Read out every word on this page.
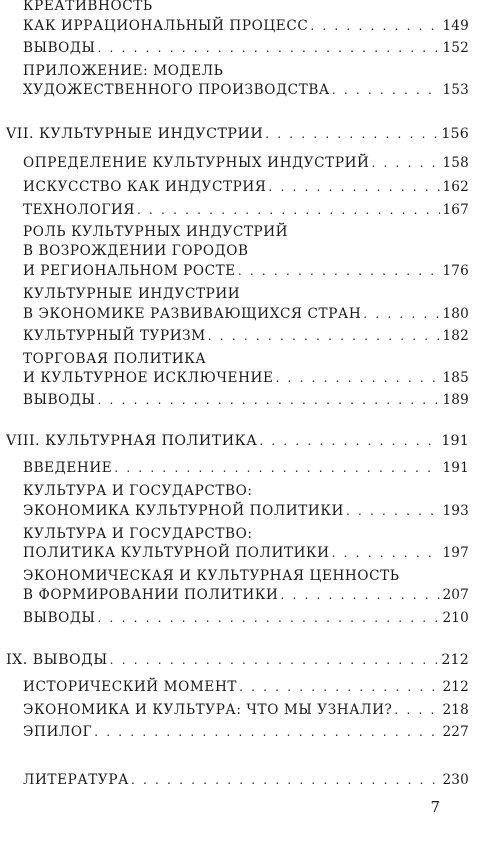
КРЕАТИВНОСТЬ
КАК ИРРАЦИОНАЛЬНЫЙ ПРОЦЕСС . . .	149
ВЫВОДЫ . . .	152
ПРИЛОЖЕНИЕ: МОДЕЛЬ
ХУДОЖЕСТВЕННОГО ПРОИЗВОДСТВА . . .	153
VII. КУЛЬТУРНЫЕ ИНДУСТРИИ . . .	156
ОПРЕДЕЛЕНИЕ КУЛЬТУРНЫХ ИНДУСТРИЙ . . .	158
ИСКУССТВО КАК ИНДУСТРИЯ . . .	162
ТЕХНОЛОГИЯ . . .	167
РОЛЬ КУЛЬТУРНЫХ ИНДУСТРИЙ
В ВОЗРОЖДЕНИИ ГОРОДОВ
И РЕГИОНАЛЬНОМ РОСТЕ . . .	176
КУЛЬТУРНЫЕ ИНДУСТРИИ
В ЭКОНОМИКЕ РАЗВИВАЮЩИХСЯ СТРАН . . .	180
КУЛЬТУРНЫЙ ТУРИЗМ . . .	182
ТОРГОВАЯ ПОЛИТИКА
И КУЛЬТУРНОЕ ИСКЛЮЧЕНИЕ . . .	185
ВЫВОДЫ . . .	189
VIII. КУЛЬТУРНАЯ ПОЛИТИКА . . .	191
ВВЕДЕНИЕ . . .	191
КУЛЬТУРА И ГОСУДАРСТВО:
ЭКОНОМИКА КУЛЬТУРНОЙ ПОЛИТИКИ . . .	193
КУЛЬТУРА И ГОСУДАРСТВО:
ПОЛИТИКА КУЛЬТУРНОЙ ПОЛИТИКИ . . .	197
ЭКОНОМИЧЕСКАЯ И КУЛЬТУРНАЯ ЦЕННОСТЬ
В ФОРМИРОВАНИИ ПОЛИТИКИ . . .	207
ВЫВОДЫ . . .	210
IX. ВЫВОДЫ . . .	212
ИСТОРИЧЕСКИЙ МОМЕНТ . . .	212
ЭКОНОМИКА И КУЛЬТУРА: ЧТО МЫ УЗНАЛИ? . . .	218
ЭПИЛОГ . . .	227
ЛИТЕРАТУРА . . .	230
7
